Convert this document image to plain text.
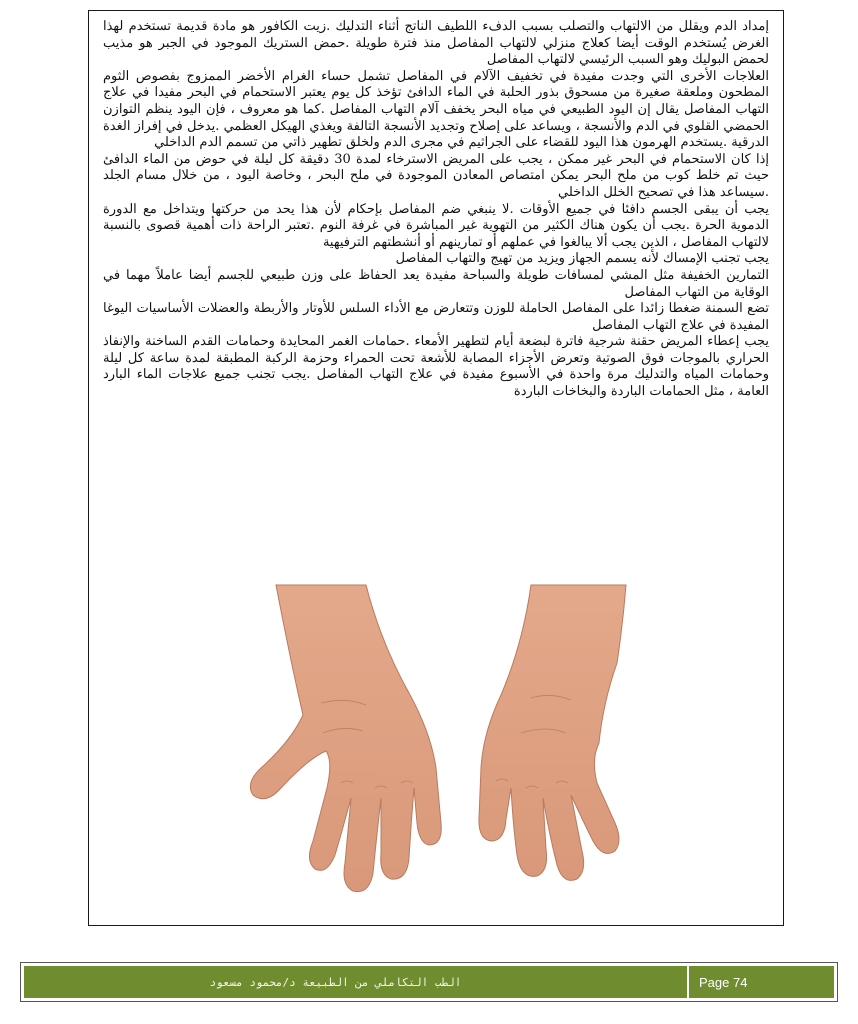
إمداد الدم ويقلل من الالتهاب والتصلب بسبب الدفء اللطيف الناتج أثناء التدليك .زيت الكافور هو مادة قديمة تستخدم لهذا الغرض يُستخدم الوقت أيضا كعلاج منزلي لالتهاب المفاصل منذ فترة طويلة .حمض الستريك الموجود في الجبر هو مذيب لحمض البوليك وهو السبب الرئيسي لالتهاب المفاصل

العلاجات الأخرى التي وجدت مفيدة في تخفيف الآلام في المفاصل تشمل حساء الغرام الأخضر الممزوج بفصوص الثوم المطحون وملعقة صغيرة من مسحوق بذور الحلبة في الماء الدافئ تؤخذ كل يوم يعتبر الاستحمام في البحر مفيدا في علاج التهاب المفاصل يقال إن اليود الطبيعي في مياه البحر يخفف آلام التهاب المفاصل .كما هو معروف ، فإن اليود ينظم التوازن الحمضي القلوي في الدم والأنسجة ، ويساعد على إصلاح وتجديد الأنسجة التالفة ويغذي الهيكل العظمي .يدخل في إفراز الغدة الدرقية .يستخدم الهرمون هذا اليود للقضاء على الجراثيم في مجرى الدم ولخلق تطهير ذاتي من تسمم الدم الداخلي

إذا كان الاستحمام في البحر غير ممكن ، يجب على المريض الاسترخاء لمدة 30 دقيقة كل ليلة في حوض من الماء الدافئ حيث تم خلط كوب من ملح البحر يمكن امتصاص المعادن الموجودة في ملح البحر ، وخاصة اليود ، من خلال مسام الجلد .سيساعد هذا في تصحيح الخلل الداخلي

يجب أن يبقى الجسم دافئا في جميع الأوقات .لا ينبغي ضم المفاصل بإحكام لأن هذا يحد من حركتها ويتداخل مع الدورة الدموية الحرة .يجب أن يكون هناك الكثير من التهوية غير المباشرة في غرفة النوم .تعتبر الراحة ذات أهمية قصوى بالنسبة لالتهاب المفاصل ، الذين يجب ألا يبالغوا في عملهم أو تمارينهم أو أنشطتهم الترفيهية

يجب تجنب الإمساك لأنه يسمم الجهاز ويزيد من تهيج والتهاب المفاصل

التمارين الخفيفة مثل المشي لمسافات طويلة والسباحة مفيدة يعد الحفاظ على وزن طبيعي للجسم أيضا عاملاً مهما في الوقاية من التهاب المفاصل

تضع السمنة ضغطا زائدا على المفاصل الحاملة للوزن وتتعارض مع الأداء السلس للأوتار والأربطة والعضلات الأساسيات اليوغا المفيدة في علاج التهاب المفاصل

يجب إعطاء المريض حقنة شرجية فاترة لبضعة أيام لتطهير الأمعاء .حمامات الغمر المحايدة وحمامات القدم الساخنة والإنفاذ الحراري بالموجات فوق الصوتية وتعرض الأجزاء المصابة للأشعة تحت الحمراء وحزمة الركبة المطبقة لمدة ساعة كل ليلة وحمامات المياه والتدليك مرة واحدة في الأسبوع مفيدة في علاج التهاب المفاصل .يجب تجنب جميع علاجات الماء البارد العامة ، مثل الحمامات الباردة والبخاخات الباردة

الطب التكاملي من الطبيعة د/محمود مسعود	Page 74
